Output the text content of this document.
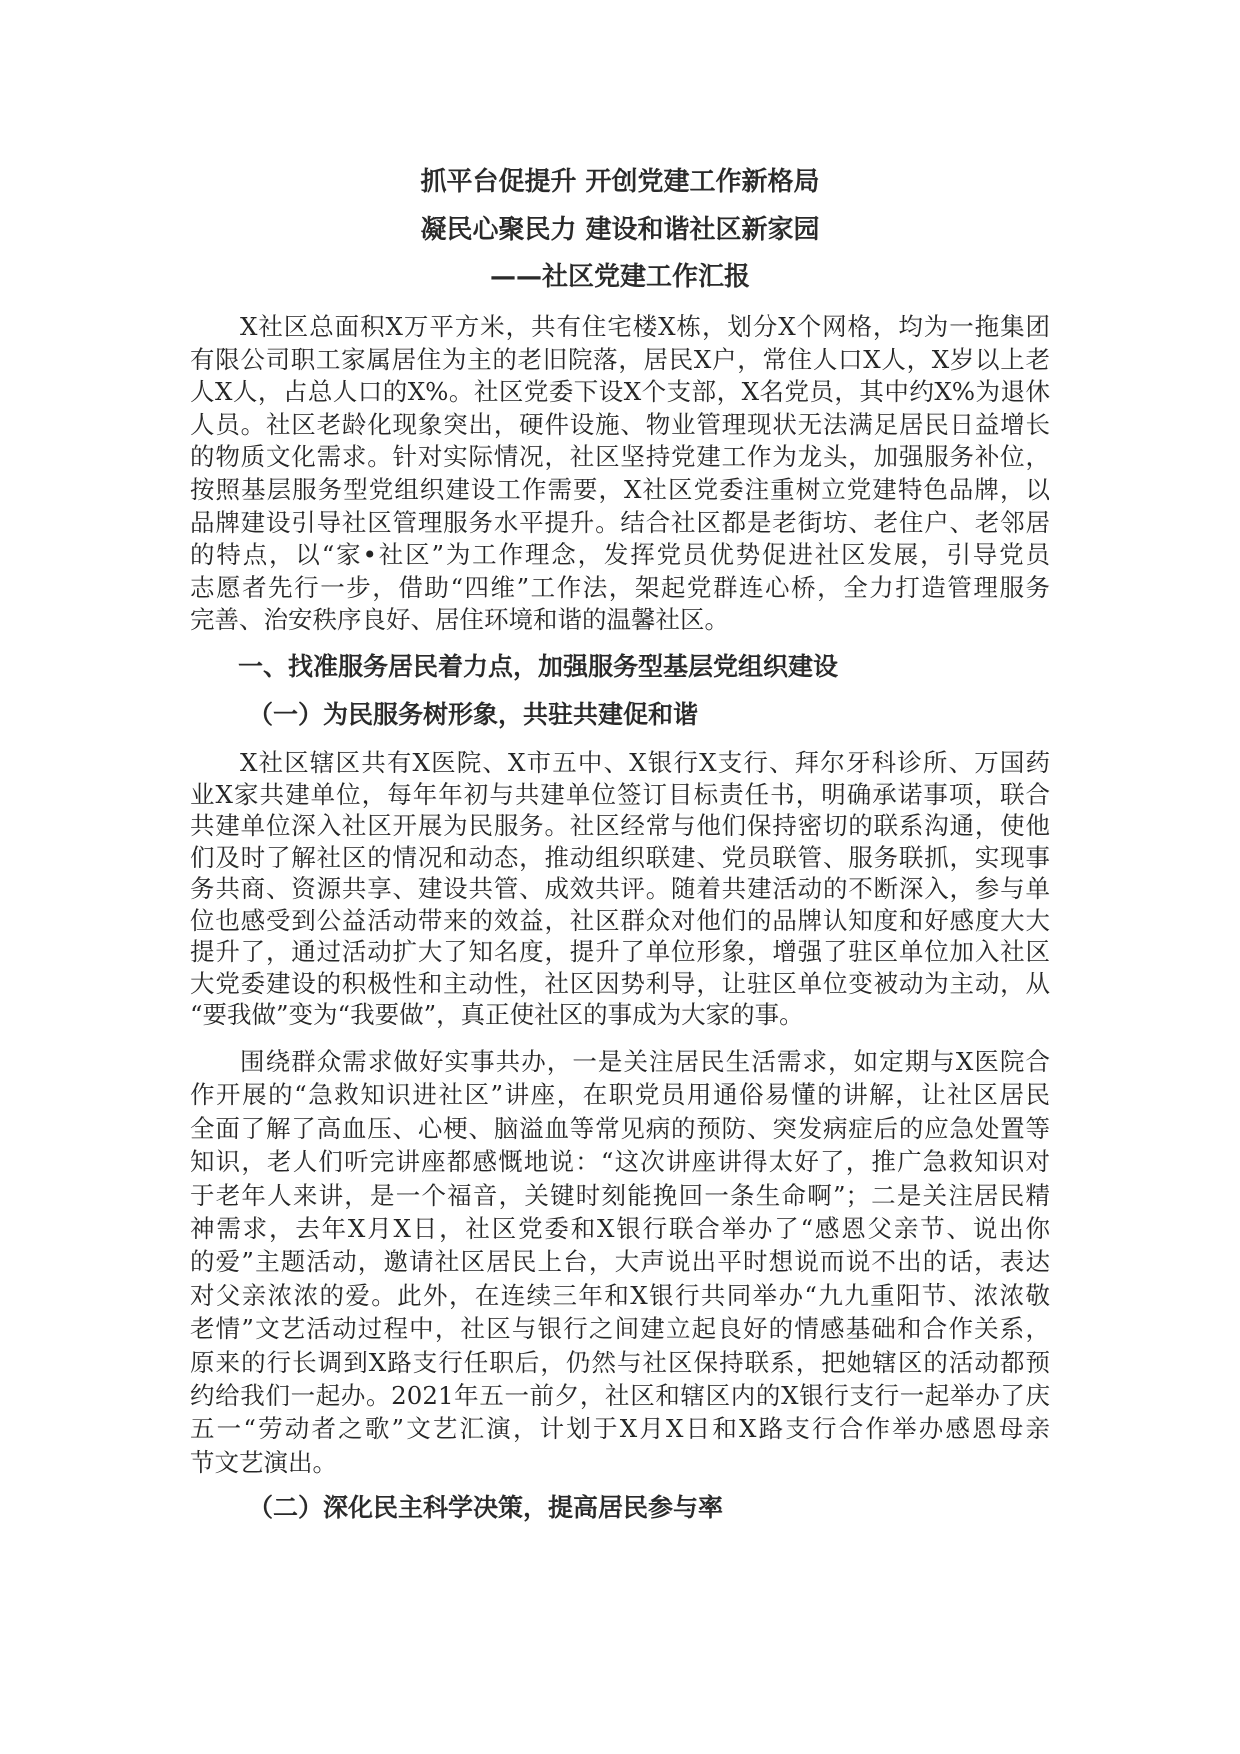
抓平台促提升 开创党建工作新格局
凝民心聚民力 建设和谐社区新家园
——社区党建工作汇报
X社区总面积X万平方米，共有住宅楼X栋，划分X个网格，均为一拖集团
有限公司职工家属居住为主的老旧院落，居民X户，常住人口X人，X岁以上老
人X人，占总人口的X%。社区党委下设X个支部，X名党员，其中约X%为退休
人员。社区老龄化现象突出，硬件设施、物业管理现状无法满足居民日益增长
的物质文化需求。针对实际情况，社区坚持党建工作为龙头，加强服务补位，
按照基层服务型党组织建设工作需要，X社区党委注重树立党建特色品牌，以
品牌建设引导社区管理服务水平提升。结合社区都是老街坊、老住户、老邻居
的特点，以“家•社区”为工作理念，发挥党员优势促进社区发展，引导党员
志愿者先行一步，借助“四维”工作法，架起党群连心桥，全力打造管理服务
完善、治安秩序良好、居住环境和谐的温馨社区。
一、找准服务居民着力点，加强服务型基层党组织建设
（一）为民服务树形象，共驻共建促和谐
X社区辖区共有X医院、X市五中、X银行X支行、拜尔牙科诊所、万国药
业X家共建单位，每年年初与共建单位签订目标责任书，明确承诺事项，联合
共建单位深入社区开展为民服务。社区经常与他们保持密切的联系沟通，使他
们及时了解社区的情况和动态，推动组织联建、党员联管、服务联抓，实现事
务共商、资源共享、建设共管、成效共评。随着共建活动的不断深入，参与单
位也感受到公益活动带来的效益，社区群众对他们的品牌认知度和好感度大大
提升了，通过活动扩大了知名度，提升了单位形象，增强了驻区单位加入社区
大党委建设的积极性和主动性，社区因势利导，让驻区单位变被动为主动，从
“要我做”变为“我要做”，真正使社区的事成为大家的事。
围绕群众需求做好实事共办，一是关注居民生活需求，如定期与X医院合
作开展的“急救知识进社区”讲座，在职党员用通俗易懂的讲解，让社区居民
全面了解了高血压、心梗、脑溢血等常见病的预防、突发病症后的应急处置等
知识，老人们听完讲座都感慨地说：“这次讲座讲得太好了，推广急救知识对
于老年人来讲，是一个福音，关键时刻能挽回一条生命啊”；二是关注居民精
神需求，去年X月X日，社区党委和X银行联合举办了“感恩父亲节、说出你
的爱”主题活动，邀请社区居民上台，大声说出平时想说而说不出的话，表达
对父亲浓浓的爱。此外，在连续三年和X银行共同举办“九九重阳节、浓浓敬
老情”文艺活动过程中，社区与银行之间建立起良好的情感基础和合作关系，
原来的行长调到X路支行任职后，仍然与社区保持联系，把她辖区的活动都预
约给我们一起办。2021年五一前夕，社区和辖区内的X银行支行一起举办了庆
五一“劳动者之歌”文艺汇演，计划于X月X日和X路支行合作举办感恩母亲
节文艺演出。
（二）深化民主科学决策，提高居民参与率
